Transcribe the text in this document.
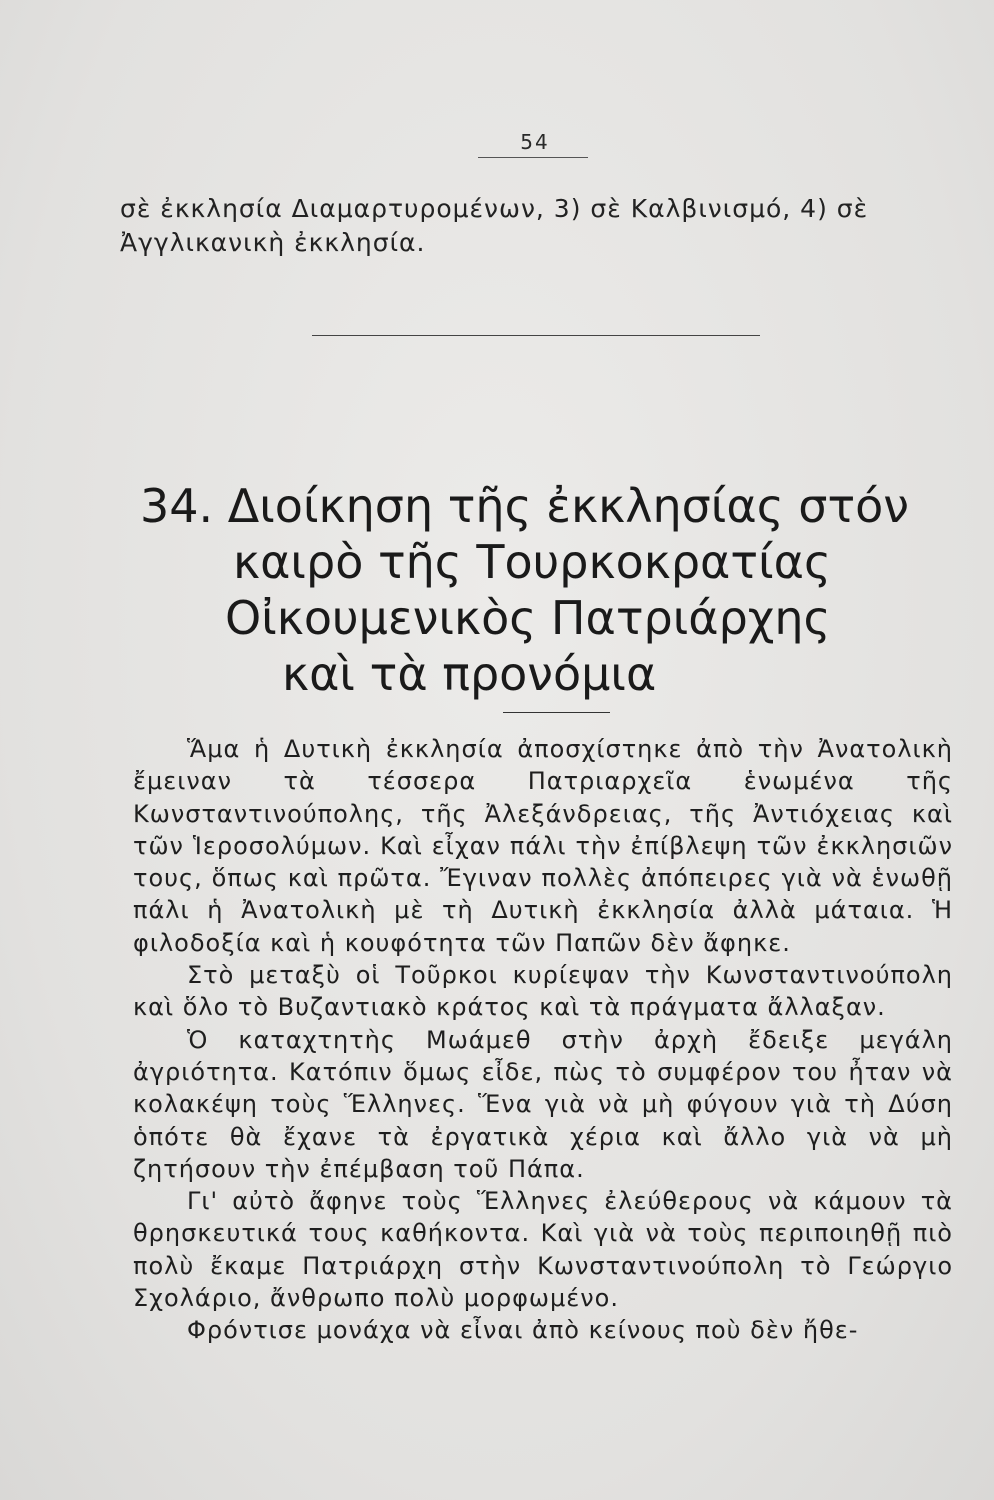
54

σὲ ἐκκλησία Διαμαρτυρομένων, 3) σὲ Καλβινισμό, 4) σὲ Ἀγγλικανικὴ ἐκκλησία.

34. Διοίκηση τῆς ἐκκλησίας στόν
καιρὸ τῆς Τουρκοκρατίας
Οἰκουμενικὸς Πατριάρχης
καὶ τὰ προνόμια

Ἅμα ἡ Δυτικὴ ἐκκλησία ἀποσχίστηκε ἀπὸ τὴν Ἀνατολικὴ ἔμειναν τὰ τέσσερα Πατριαρχεῖα ἑνωμένα τῆς Κωνσταντινούπολης, τῆς Ἀλεξάνδρειας, τῆς Ἀντιόχειας καὶ τῶν Ἱεροσολύμων. Καὶ εἶχαν πάλι τὴν ἐπίβλεψη τῶν ἐκκλησιῶν τους, ὅπως καὶ πρῶτα. Ἔγιναν πολλὲς ἀπόπειρες γιὰ νὰ ἑνωθῇ πάλι ἡ Ἀνατολικὴ μὲ τὴ Δυτικὴ ἐκκλησία ἀλλὰ μάταια. Ἡ φιλοδοξία καὶ ἡ κουφότητα τῶν Παπῶν δὲν ἄφηκε.

Στὸ μεταξὺ οἱ Τοῦρκοι κυρίεψαν τὴν Κωνσταντινούπολη καὶ ὅλο τὸ Βυζαντιακὸ κράτος καὶ τὰ πράγματα ἄλλαξαν.

Ὁ καταχτητὴς Μωάμεθ στὴν ἀρχὴ ἔδειξε μεγάλη ἀγριότητα. Κατόπιν ὅμως εἶδε, πὼς τὸ συμφέρον του ἦταν νὰ κολακέψη τοὺς Ἕλληνες. Ἕνα γιὰ νὰ μὴ φύγουν γιὰ τὴ Δύση ὁπότε θὰ ἔχανε τὰ ἐργατικὰ χέρια καὶ ἄλλο γιὰ νὰ μὴ ζητήσουν τὴν ἐπέμβαση τοῦ Πάπα.

Γι' αὐτὸ ἄφηνε τοὺς Ἕλληνες ἐλεύθερους νὰ κάμουν τὰ θρησκευτικά τους καθήκοντα. Καὶ γιὰ νὰ τοὺς περιποιηθῇ πιὸ πολὺ ἔκαμε Πατριάρχη στὴν Κωνσταντινούπολη τὸ Γεώργιο Σχολάριο, ἄνθρωπο πολὺ μορφωμένο.

Φρόντισε μονάχα νὰ εἶναι ἀπὸ κείνους ποὺ δὲν ἤθε-
